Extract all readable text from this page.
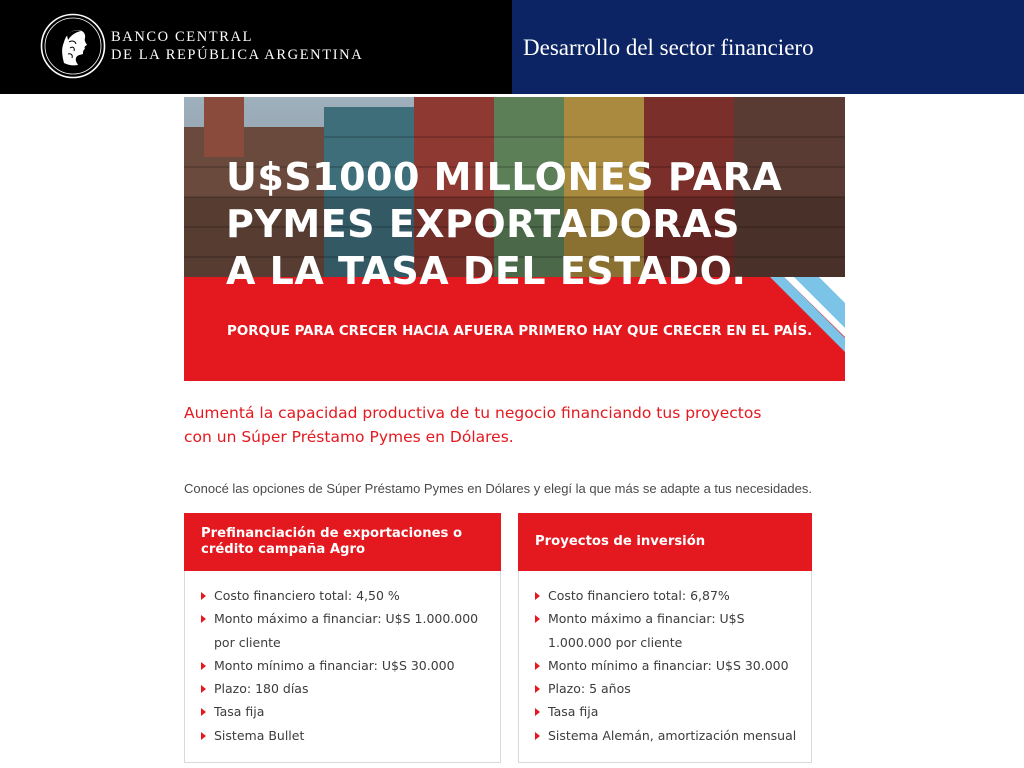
BANCO CENTRAL
DE LA REPÚBLICA ARGENTINA	Desarrollo del sector financiero
U$S1000 MILLONES PARA
PYMES EXPORTADORAS
A LA TASA DEL ESTADO.
PORQUE PARA CRECER HACIA AFUERA PRIMERO HAY QUE CRECER EN EL PAÍS.
Aumentá la capacidad productiva de tu negocio financiando tus proyectos
con un Súper Préstamo Pymes en Dólares.
Conocé las opciones de Súper Préstamo Pymes en Dólares y elegí la que más se adapte a tus necesidades.
Prefinanciación de exportaciones o
crédito campaña Agro
Costo financiero total: 4,50 %
Monto máximo a financiar: U$S 1.000.000 por cliente
Monto mínimo a financiar: U$S 30.000
Plazo: 180 días
Tasa fija
Sistema Bullet
Proyectos de inversión
Costo financiero total: 6,87%
Monto máximo a financiar: U$S 1.000.000 por cliente
Monto mínimo a financiar: U$S 30.000
Plazo: 5 años
Tasa fija
Sistema Alemán, amortización mensual
